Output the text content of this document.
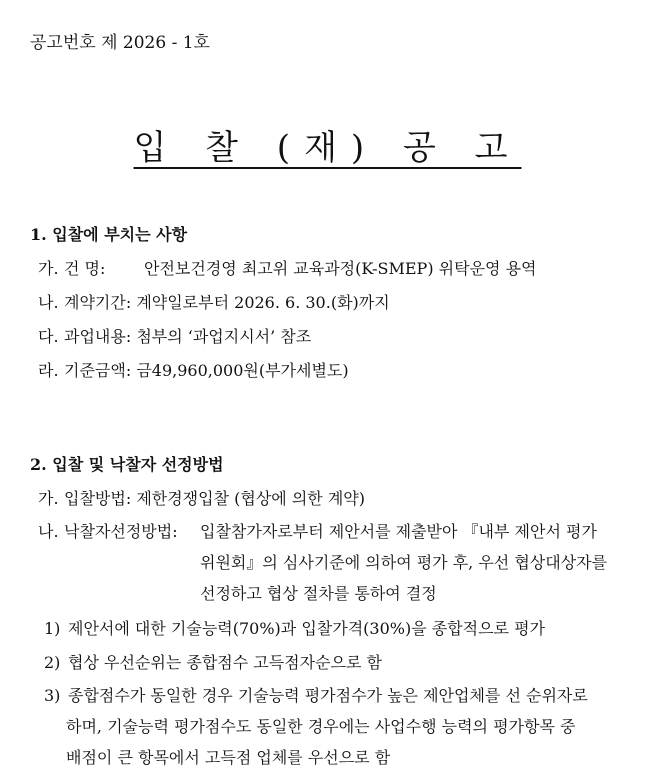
공고번호 제 2026 - 1호
입 찰 (재) 공 고
1. 입찰에 부치는 사항
가. 건 명: 안전보건경영 최고위 교육과정(K-SMEP) 위탁운영 용역
나. 계약기간: 계약일로부터 2026. 6. 30.(화)까지
다. 과업내용: 첨부의 ‘과업지시서’ 참조
라. 기준금액: 금49,960,000원(부가세별도)
2. 입찰 및 낙찰자 선정방법
가. 입찰방법: 제한경쟁입찰 (협상에 의한 계약)
나. 낙찰자선정방법: 입찰참가자로부터 제안서를 제출받아 『내부 제안서 평가
위원회』의 심사기준에 의하여 평가 후, 우선 협상대상자를
선정하고 협상 절차를 통하여 결정
1) 제안서에 대한 기술능력(70%)과 입찰가격(30%)을 종합적으로 평가
2) 협상 우선순위는 종합점수 고득점자순으로 함
3) 종합점수가 동일한 경우 기술능력 평가점수가 높은 제안업체를 선 순위자로
하며, 기술능력 평가점수도 동일한 경우에는 사업수행 능력의 평가항목 중
배점이 큰 항목에서 고득점 업체를 우선으로 함
